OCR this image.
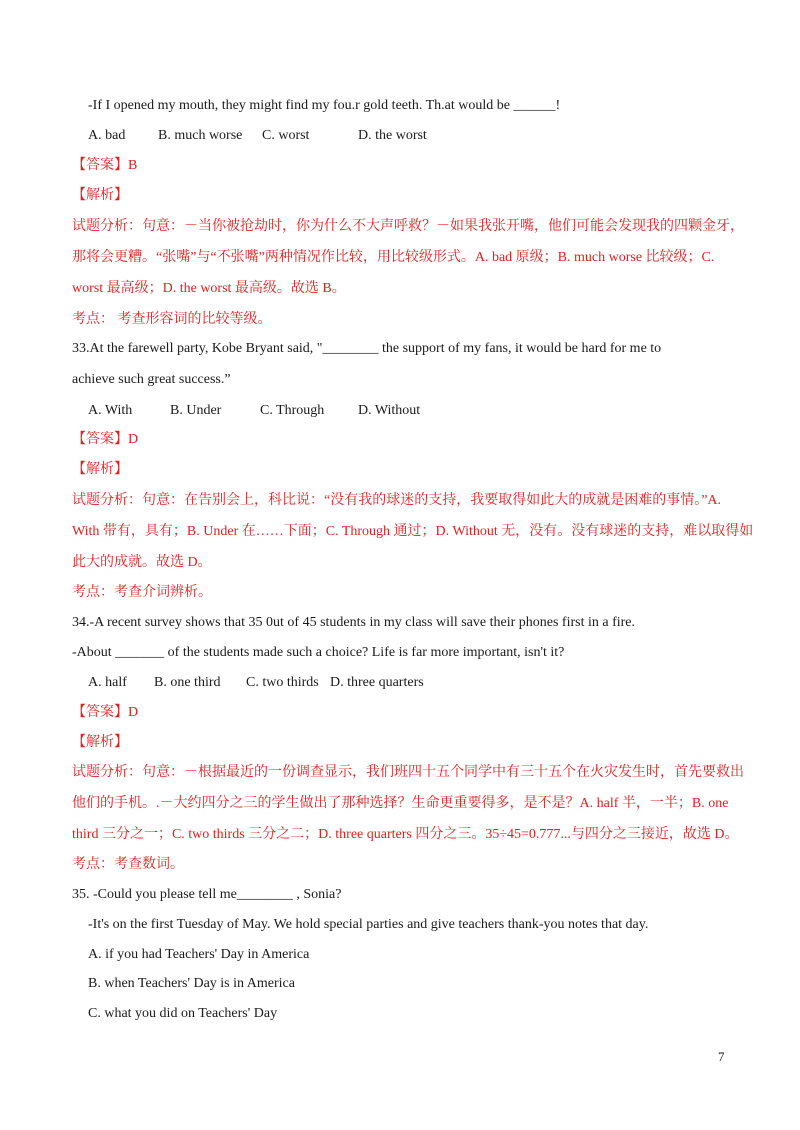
-If I opened my mouth, they might find my fou.r gold teeth. Th.at would be ______!
A. bad B. much worse C. worst	D. the worst
【答案】B
【解析】
试题分析：句意：－当你被抢劫时，你为什么不大声呼救？－如果我张开嘴，他们可能会发现我的四颗金牙，
那将会更糟。“张嘴”与“不张嘴”两种情况作比较，用比较级形式。A. bad 原级；B. much worse 比较级；C.
worst 最高级；D. the worst 最高级。故选 B。
考点： 考查形容词的比较等级。
33.At the farewell party, Kobe Bryant said, "________ the support of my fans, it would be hard for me to
achieve such great success.”
A. With	B. Under	C. Through D. Without
【答案】D
【解析】
试题分析：句意：在告别会上，科比说：“没有我的球迷的支持，我要取得如此大的成就是困难的事情。”A.
With 带有，具有；B. Under 在……下面；C. Through 通过；D. Without 无，没有。没有球迷的支持，难以取得如
此大的成就。故选 D。
考点：考查介词辨析。
34.-A recent survey shows that 35 0ut of 45 students in my class will save their phones first in a fire.
-About _______ of the students made such a choice? Life is far more important, isn't it?
A. half B. one third C. two thirds D. three quarters
【答案】D
【解析】
试题分析：句意：－根据最近的一份调查显示，我们班四十五个同学中有三十五个在火灾发生时，首先要救出
他们的手机。.－大约四分之三的学生做出了那种选择？生命更重要得多，是不是？A. half 半，一半；B. one
third 三分之一；C. two thirds 三分之二；D. three quarters 四分之三。35÷45=0.777...与四分之三接近，故选 D。
考点：考查数词。
35. -Could you please tell me________ , Sonia?
-It's on the first Tuesday of May. We hold special parties and give teachers thank-you notes that day.
A. if you had Teachers' Day in America
B. when Teachers' Day is in America
C. what you did on Teachers' Day
7
